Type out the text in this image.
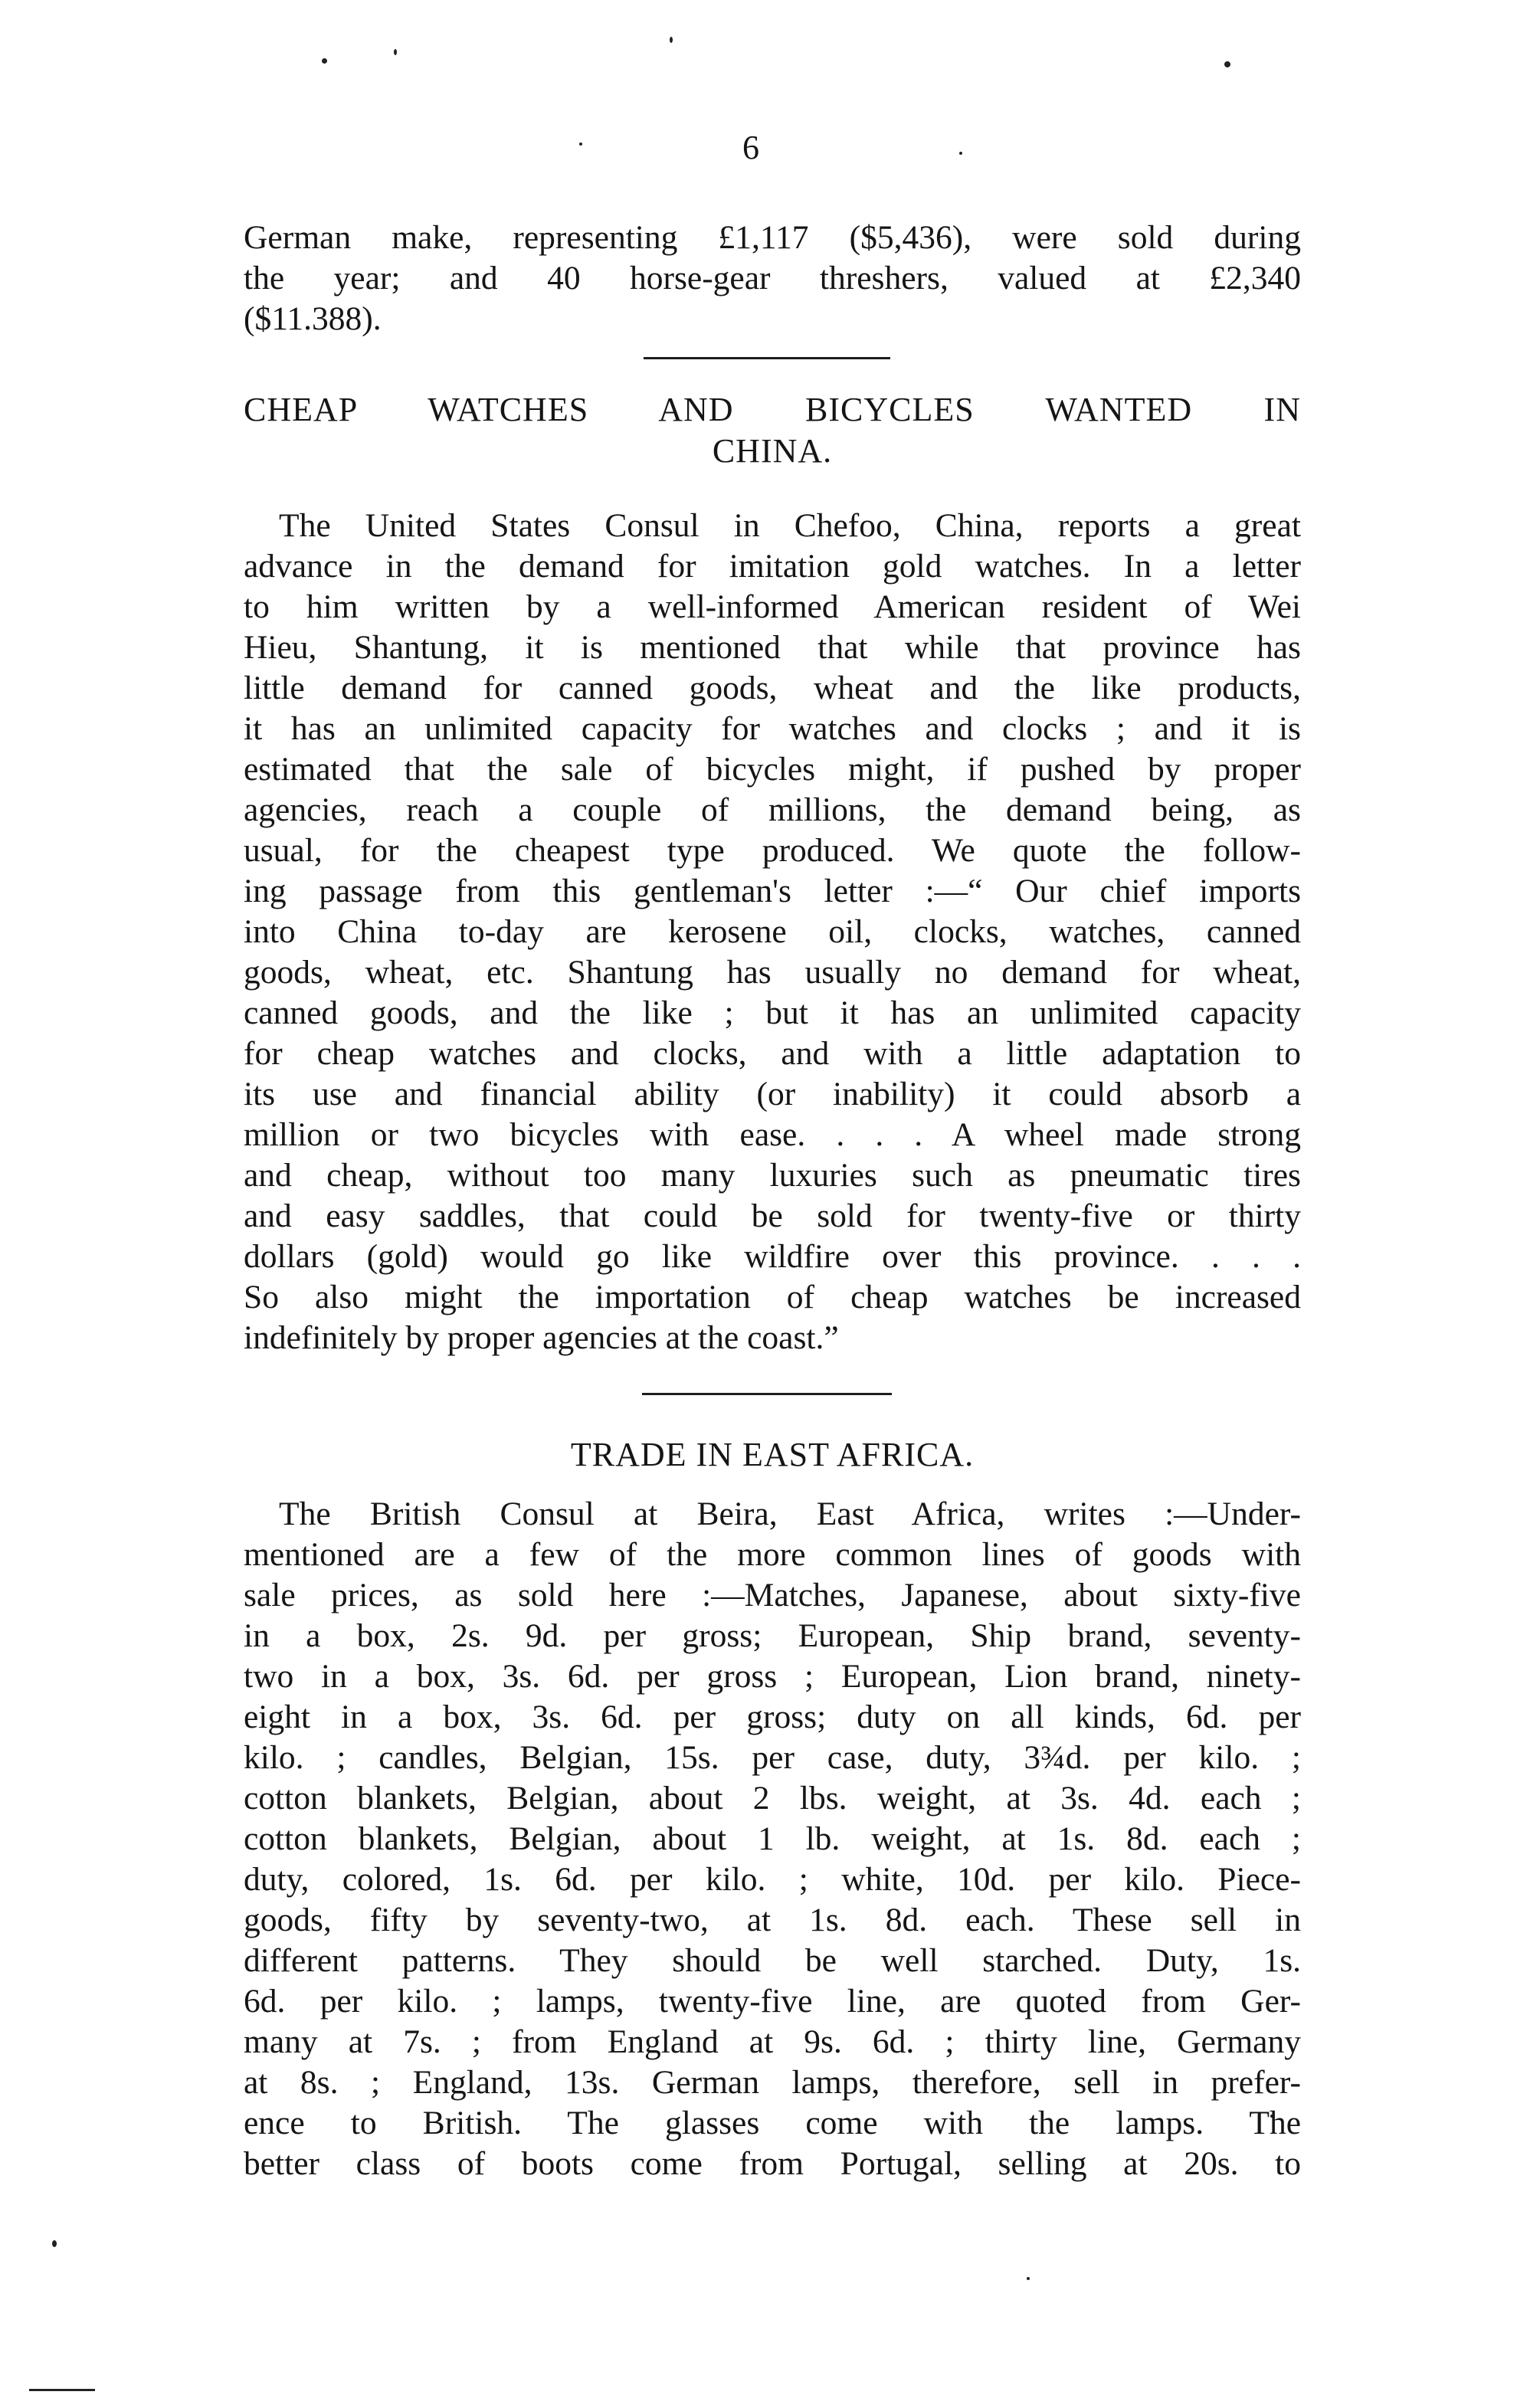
6

German make, representing £1,117 ($5,436), were sold during
the year; and 40 horse-gear threshers, valued at £2,340
($11.388).

CHEAP WATCHES AND BICYCLES WANTED IN
CHINA.

The United States Consul in Chefoo, China, reports a great
advance in the demand for imitation gold watches. In a letter
to him written by a well-informed American resident of Wei
Hieu, Shantung, it is mentioned that while that province has
little demand for canned goods, wheat and the like products,
it has an unlimited capacity for watches and clocks ; and it is
estimated that the sale of bicycles might, if pushed by proper
agencies, reach a couple of millions, the demand being, as
usual, for the cheapest type produced. We quote the follow-
ing passage from this gentleman's letter :—“ Our chief imports
into China to-day are kerosene oil, clocks, watches, canned
goods, wheat, etc. Shantung has usually no demand for wheat,
canned goods, and the like ; but it has an unlimited capacity
for cheap watches and clocks, and with a little adaptation to
its use and financial ability (or inability) it could absorb a
million or two bicycles with ease. . . . A wheel made strong
and cheap, without too many luxuries such as pneumatic tires
and easy saddles, that could be sold for twenty-five or thirty
dollars (gold) would go like wildfire over this province. . . .
So also might the importation of cheap watches be increased
indefinitely by proper agencies at the coast.”

TRADE IN EAST AFRICA.

The British Consul at Beira, East Africa, writes :—Under-
mentioned are a few of the more common lines of goods with
sale prices, as sold here :—Matches, Japanese, about sixty-five
in a box, 2s. 9d. per gross; European, Ship brand, seventy-
two in a box, 3s. 6d. per gross ; European, Lion brand, ninety-
eight in a box, 3s. 6d. per gross; duty on all kinds, 6d. per
kilo. ; candles, Belgian, 15s. per case, duty, 3¾d. per kilo. ;
cotton blankets, Belgian, about 2 lbs. weight, at 3s. 4d. each ;
cotton blankets, Belgian, about 1 lb. weight, at 1s. 8d. each ;
duty, colored, 1s. 6d. per kilo. ; white, 10d. per kilo. Piece-
goods, fifty by seventy-two, at 1s. 8d. each. These sell in
different patterns. They should be well starched. Duty, 1s.
6d. per kilo. ; lamps, twenty-five line, are quoted from Ger-
many at 7s. ; from England at 9s. 6d. ; thirty line, Germany
at 8s. ; England, 13s. German lamps, therefore, sell in prefer-
ence to British. The glasses come with the lamps. The
better class of boots come from Portugal, selling at 20s. to
